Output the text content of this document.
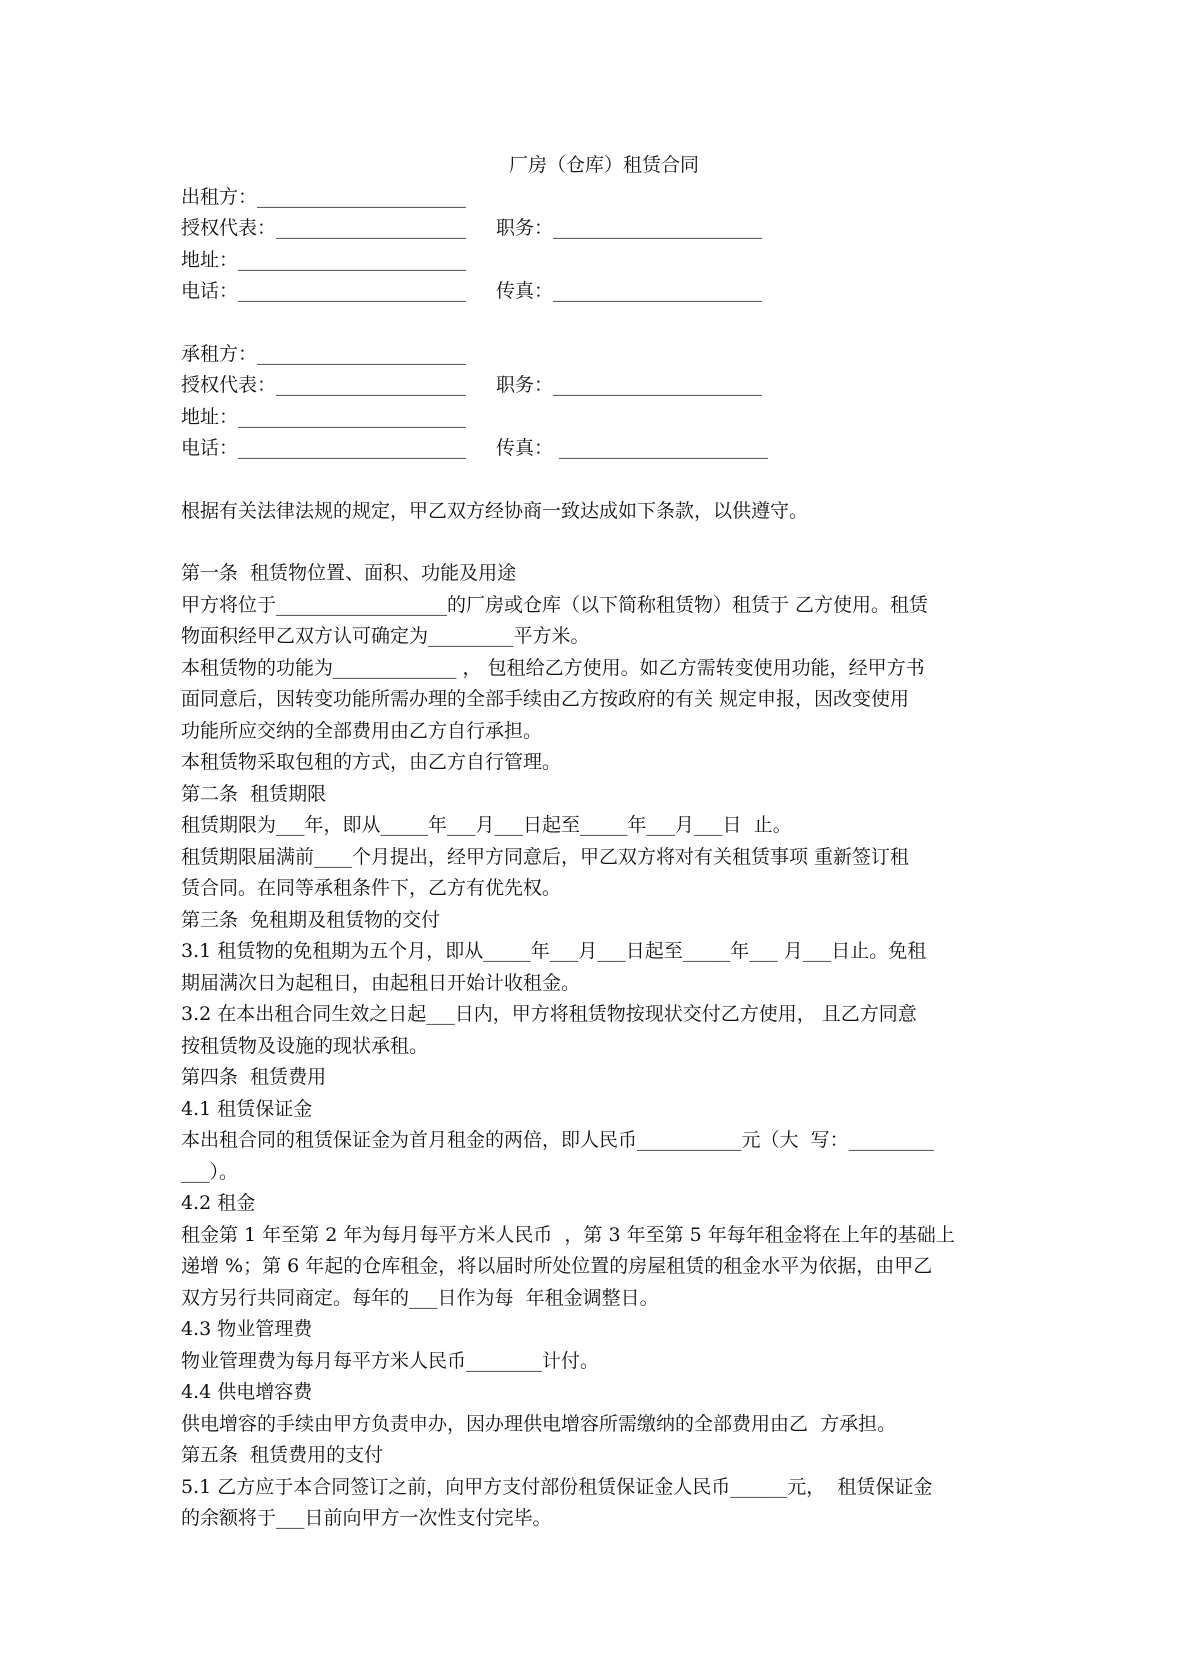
厂房（仓库）租赁合同
出租方：______________________
授权代表：____________________	职务：______________________
地址：________________________
电话：________________________	传真：______________________
承租方：______________________
授权代表：____________________	职务：______________________
地址：________________________
电话：________________________	传真： ______________________
根据有关法律法规的规定，甲乙双方经协商一致达成如下条款，以供遵守。
第一条  租赁物位置、面积、功能及用途
甲方将位于__________________的厂房或仓库（以下简称租赁物）租赁于 乙方使用。租赁
物面积经甲乙双方认可确定为_________平方米。
本租赁物的功能为_____________ ， 包租给乙方使用。如乙方需转变使用功能，经甲方书
面同意后，因转变功能所需办理的全部手续由乙方按政府的有关 规定申报，因改变使用
功能所应交纳的全部费用由乙方自行承担。
本租赁物采取包租的方式，由乙方自行管理。
第二条  租赁期限
租赁期限为___年，即从_____年___月___日起至_____年___月___日  止。
租赁期限届满前____个月提出，经甲方同意后，甲乙双方将对有关租赁事项 重新签订租
赁合同。在同等承租条件下，乙方有优先权。
第三条  免租期及租赁物的交付
3.1 租赁物的免租期为五个月，即从_____年___月___日起至_____年___ 月___日止。免租
期届满次日为起租日，由起租日开始计收租金。
3.2 在本出租合同生效之日起___日内，甲方将租赁物按现状交付乙方使用， 且乙方同意
按租赁物及设施的现状承租。
第四条  租赁费用
4.1 租赁保证金
本出租合同的租赁保证金为首月租金的两倍，即人民币___________元（大  写：_________
___）。
4.2 租金
租金第 1 年至第 2 年为每月每平方米人民币  ，第 3 年至第 5 年每年租金将在上年的基础上
递增 %；第 6 年起的仓库租金，将以届时所处位置的房屋租赁的租金水平为依据，由甲乙
双方另行共同商定。每年的___日作为每  年租金调整日。
4.3 物业管理费
物业管理费为每月每平方米人民币________计付。
4.4 供电增容费
供电增容的手续由甲方负责申办，因办理供电增容所需缴纳的全部费用由乙  方承担。
第五条  租赁费用的支付
5.1 乙方应于本合同签订之前，向甲方支付部份租赁保证金人民币______元，  租赁保证金
的余额将于___日前向甲方一次性支付完毕。
